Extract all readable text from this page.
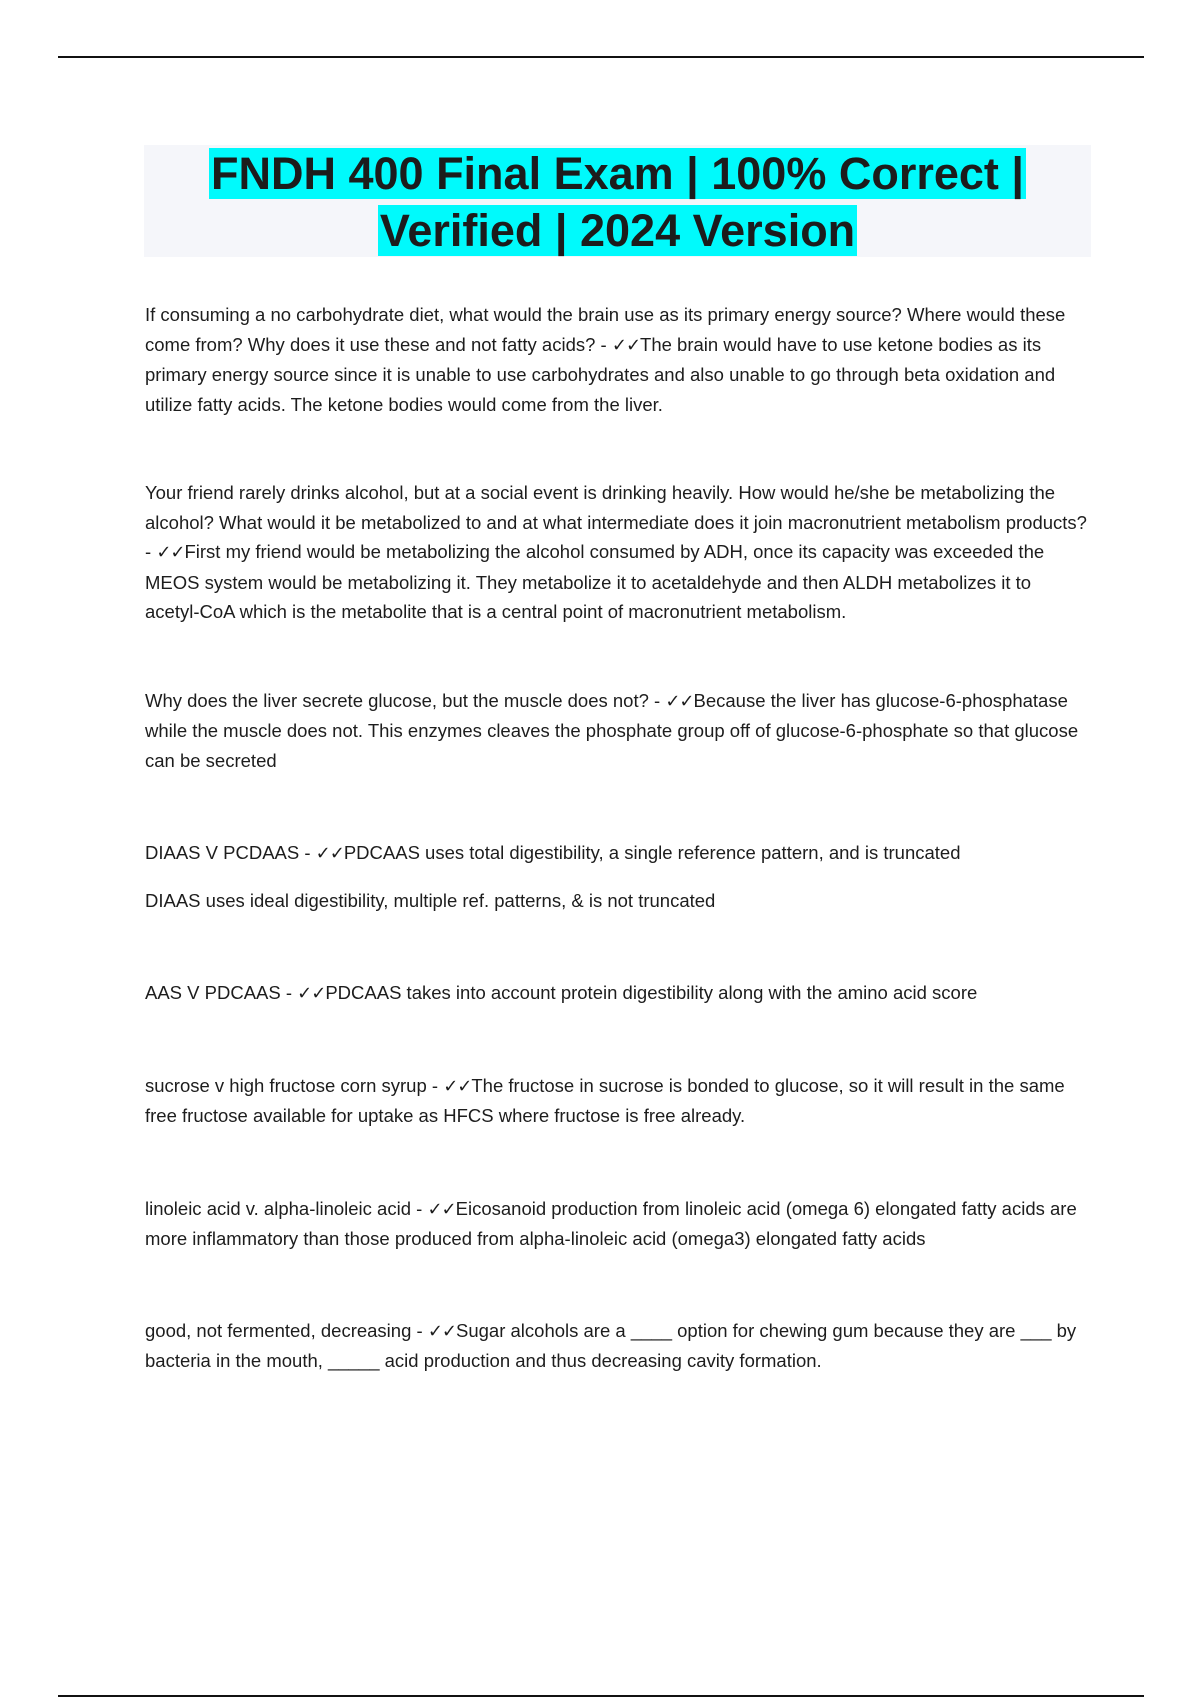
FNDH 400 Final Exam | 100% Correct |
Verified | 2024 Version

If consuming a no carbohydrate diet, what would the brain use as its primary energy source? Where would these come from? Why does it use these and not fatty acids? - ✓✓The brain would have to use ketone bodies as its primary energy source since it is unable to use carbohydrates and also unable to go through beta oxidation and utilize fatty acids. The ketone bodies would come from the liver.

Your friend rarely drinks alcohol, but at a social event is drinking heavily. How would he/she be metabolizing the alcohol? What would it be metabolized to and at what intermediate does it join macronutrient metabolism products? - ✓✓First my friend would be metabolizing the alcohol consumed by ADH, once its capacity was exceeded the MEOS system would be metabolizing it. They metabolize it to acetaldehyde and then ALDH metabolizes it to acetyl-CoA which is the metabolite that is a central point of macronutrient metabolism.

Why does the liver secrete glucose, but the muscle does not? - ✓✓Because the liver has glucose-6-phosphatase while the muscle does not. This enzymes cleaves the phosphate group off of glucose-6-phosphate so that glucose can be secreted

DIAAS V PCDAAS - ✓✓PDCAAS uses total digestibility, a single reference pattern, and is truncated

DIAAS uses ideal digestibility, multiple ref. patterns, & is not truncated

AAS V PDCAAS - ✓✓PDCAAS takes into account protein digestibility along with the amino acid score

sucrose v high fructose corn syrup - ✓✓The fructose in sucrose is bonded to glucose, so it will result in the same free fructose available for uptake as HFCS where fructose is free already.

linoleic acid v. alpha-linoleic acid - ✓✓Eicosanoid production from linoleic acid (omega 6) elongated fatty acids are more inflammatory than those produced from alpha-linoleic acid (omega3) elongated fatty acids

good, not fermented, decreasing - ✓✓Sugar alcohols are a ____ option for chewing gum because they are ___ by bacteria in the mouth, _____ acid production and thus decreasing cavity formation.
